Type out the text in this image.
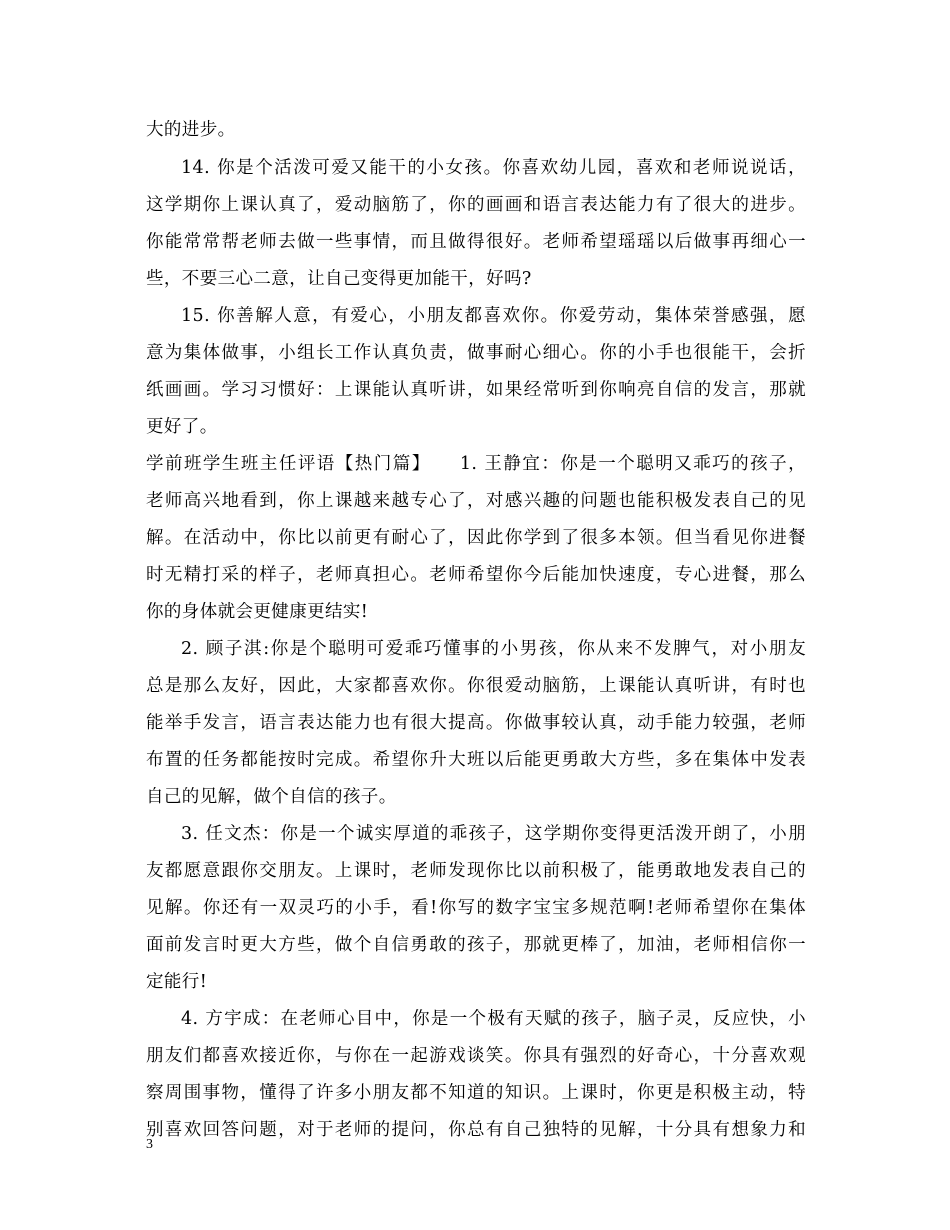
大的进步。
14. 你是个活泼可爱又能干的小女孩。你喜欢幼儿园，喜欢和老师说说话，
这学期你上课认真了，爱动脑筋了，你的画画和语言表达能力有了很大的进步。
你能常常帮老师去做一些事情，而且做得很好。老师希望瑶瑶以后做事再细心一
些，不要三心二意，让自己变得更加能干，好吗?
15. 你善解人意，有爱心，小朋友都喜欢你。你爱劳动，集体荣誉感强，愿
意为集体做事，小组长工作认真负责，做事耐心细心。你的小手也很能干，会折
纸画画。学习习惯好：上课能认真听讲，如果经常听到你响亮自信的发言，那就
更好了。
学前班学生班主任评语【热门篇】　　1. 王静宜：你是一个聪明又乖巧的孩子，
老师高兴地看到，你上课越来越专心了，对感兴趣的问题也能积极发表自己的见
解。在活动中，你比以前更有耐心了，因此你学到了很多本领。但当看见你进餐
时无精打采的样子，老师真担心。老师希望你今后能加快速度，专心进餐，那么
你的身体就会更健康更结实!
2. 顾子淇:你是个聪明可爱乖巧懂事的小男孩，你从来不发脾气，对小朋友
总是那么友好，因此，大家都喜欢你。你很爱动脑筋，上课能认真听讲，有时也
能举手发言，语言表达能力也有很大提高。你做事较认真，动手能力较强，老师
布置的任务都能按时完成。希望你升大班以后能更勇敢大方些，多在集体中发表
自己的见解，做个自信的孩子。
3. 任文杰：你是一个诚实厚道的乖孩子，这学期你变得更活泼开朗了，小朋
友都愿意跟你交朋友。上课时，老师发现你比以前积极了，能勇敢地发表自己的
见解。你还有一双灵巧的小手，看!你写的数字宝宝多规范啊!老师希望你在集体
面前发言时更大方些，做个自信勇敢的孩子，那就更棒了，加油，老师相信你一
定能行!
4. 方宇成：在老师心目中，你是一个极有天赋的孩子，脑子灵，反应快，小
朋友们都喜欢接近你，与你在一起游戏谈笑。你具有强烈的好奇心，十分喜欢观
察周围事物，懂得了许多小朋友都不知道的知识。上课时，你更是积极主动，特
别喜欢回答问题，对于老师的提问，你总有自己独特的见解，十分具有想象力和
3
